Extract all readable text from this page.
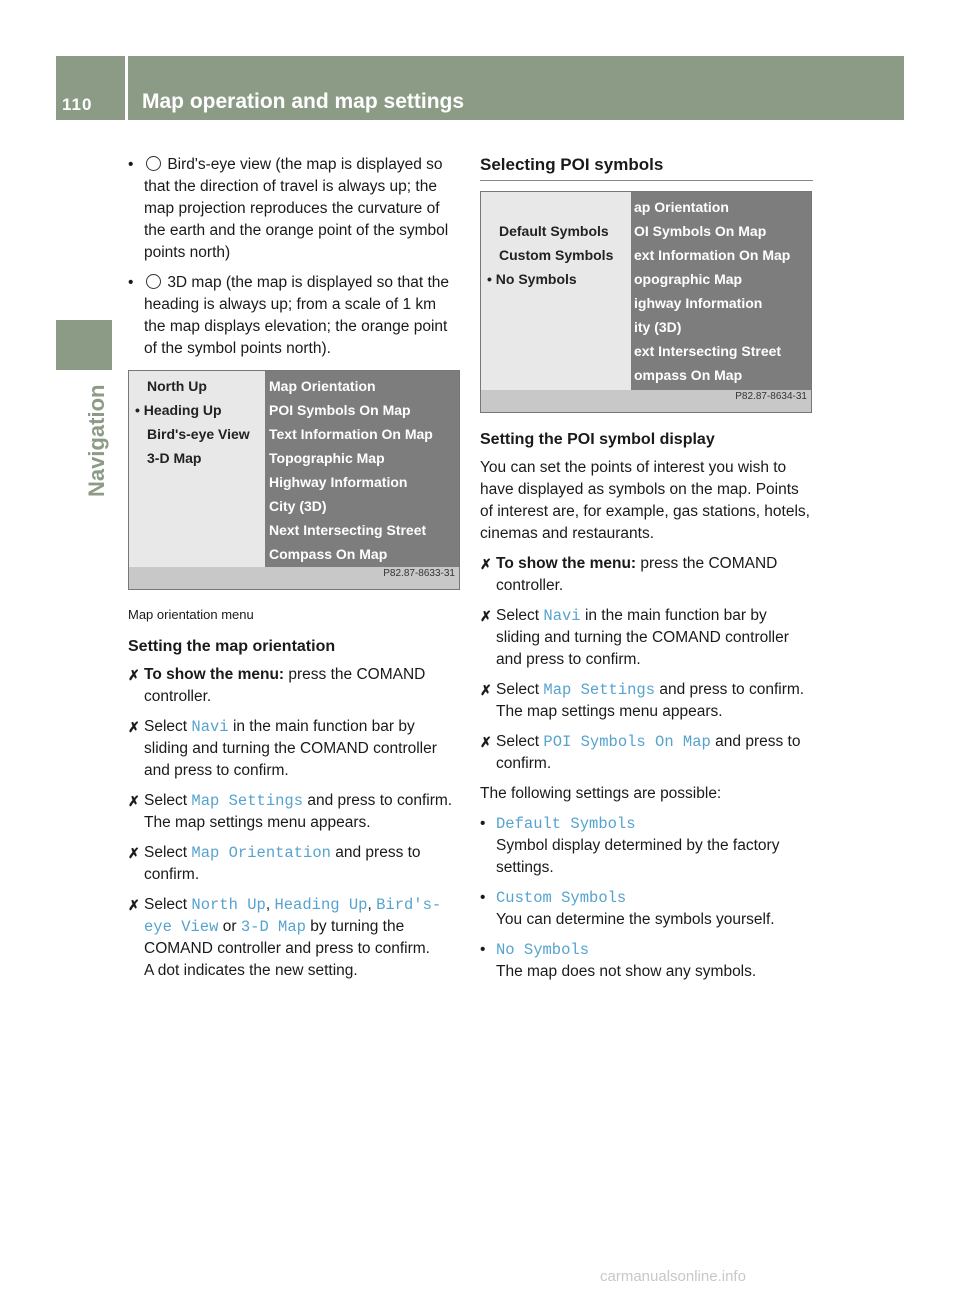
110 Map operation and map settings
Navigation
• Bird's-eye view (the map is displayed so that the direction of travel is always up; the map projection reproduces the curvature of the earth and the orange point of the symbol points north)
• 3D map (the map is displayed so that the heading is always up; from a scale of 1 km the map displays elevation; the orange point of the symbol points north).
North Up
• Heading Up
Bird's-eye View
3-D Map
Map Orientation
POI Symbols On Map
Text Information On Map
Topographic Map
Highway Information
City (3D)
Next Intersecting Street
Compass On Map
P82.87-8633-31
Map orientation menu
Setting the map orientation
✗ To show the menu: press the COMAND controller.
✗ Select Navi in the main function bar by sliding and turning the COMAND controller and press to confirm.
✗ Select Map Settings and press to confirm.
The map settings menu appears.
✗ Select Map Orientation and press to confirm.
✗ Select North Up, Heading Up, Bird's-eye View or 3-D Map by turning the COMAND controller and press to confirm.
A dot indicates the new setting.
Selecting POI symbols
Default Symbols
Custom Symbols
• No Symbols
ap Orientation
OI Symbols On Map
ext Information On Map
opographic Map
ighway Information
ity (3D)
ext Intersecting Street
ompass On Map
P82.87-8634-31
Setting the POI symbol display
You can set the points of interest you wish to have displayed as symbols on the map. Points of interest are, for example, gas stations, hotels, cinemas and restaurants.
✗ To show the menu: press the COMAND controller.
✗ Select Navi in the main function bar by sliding and turning the COMAND controller and press to confirm.
✗ Select Map Settings and press to confirm.
The map settings menu appears.
✗ Select POI Symbols On Map and press to confirm.
The following settings are possible:
• Default Symbols
Symbol display determined by the factory settings.
• Custom Symbols
You can determine the symbols yourself.
• No Symbols
The map does not show any symbols.
carmanualsonline.info
